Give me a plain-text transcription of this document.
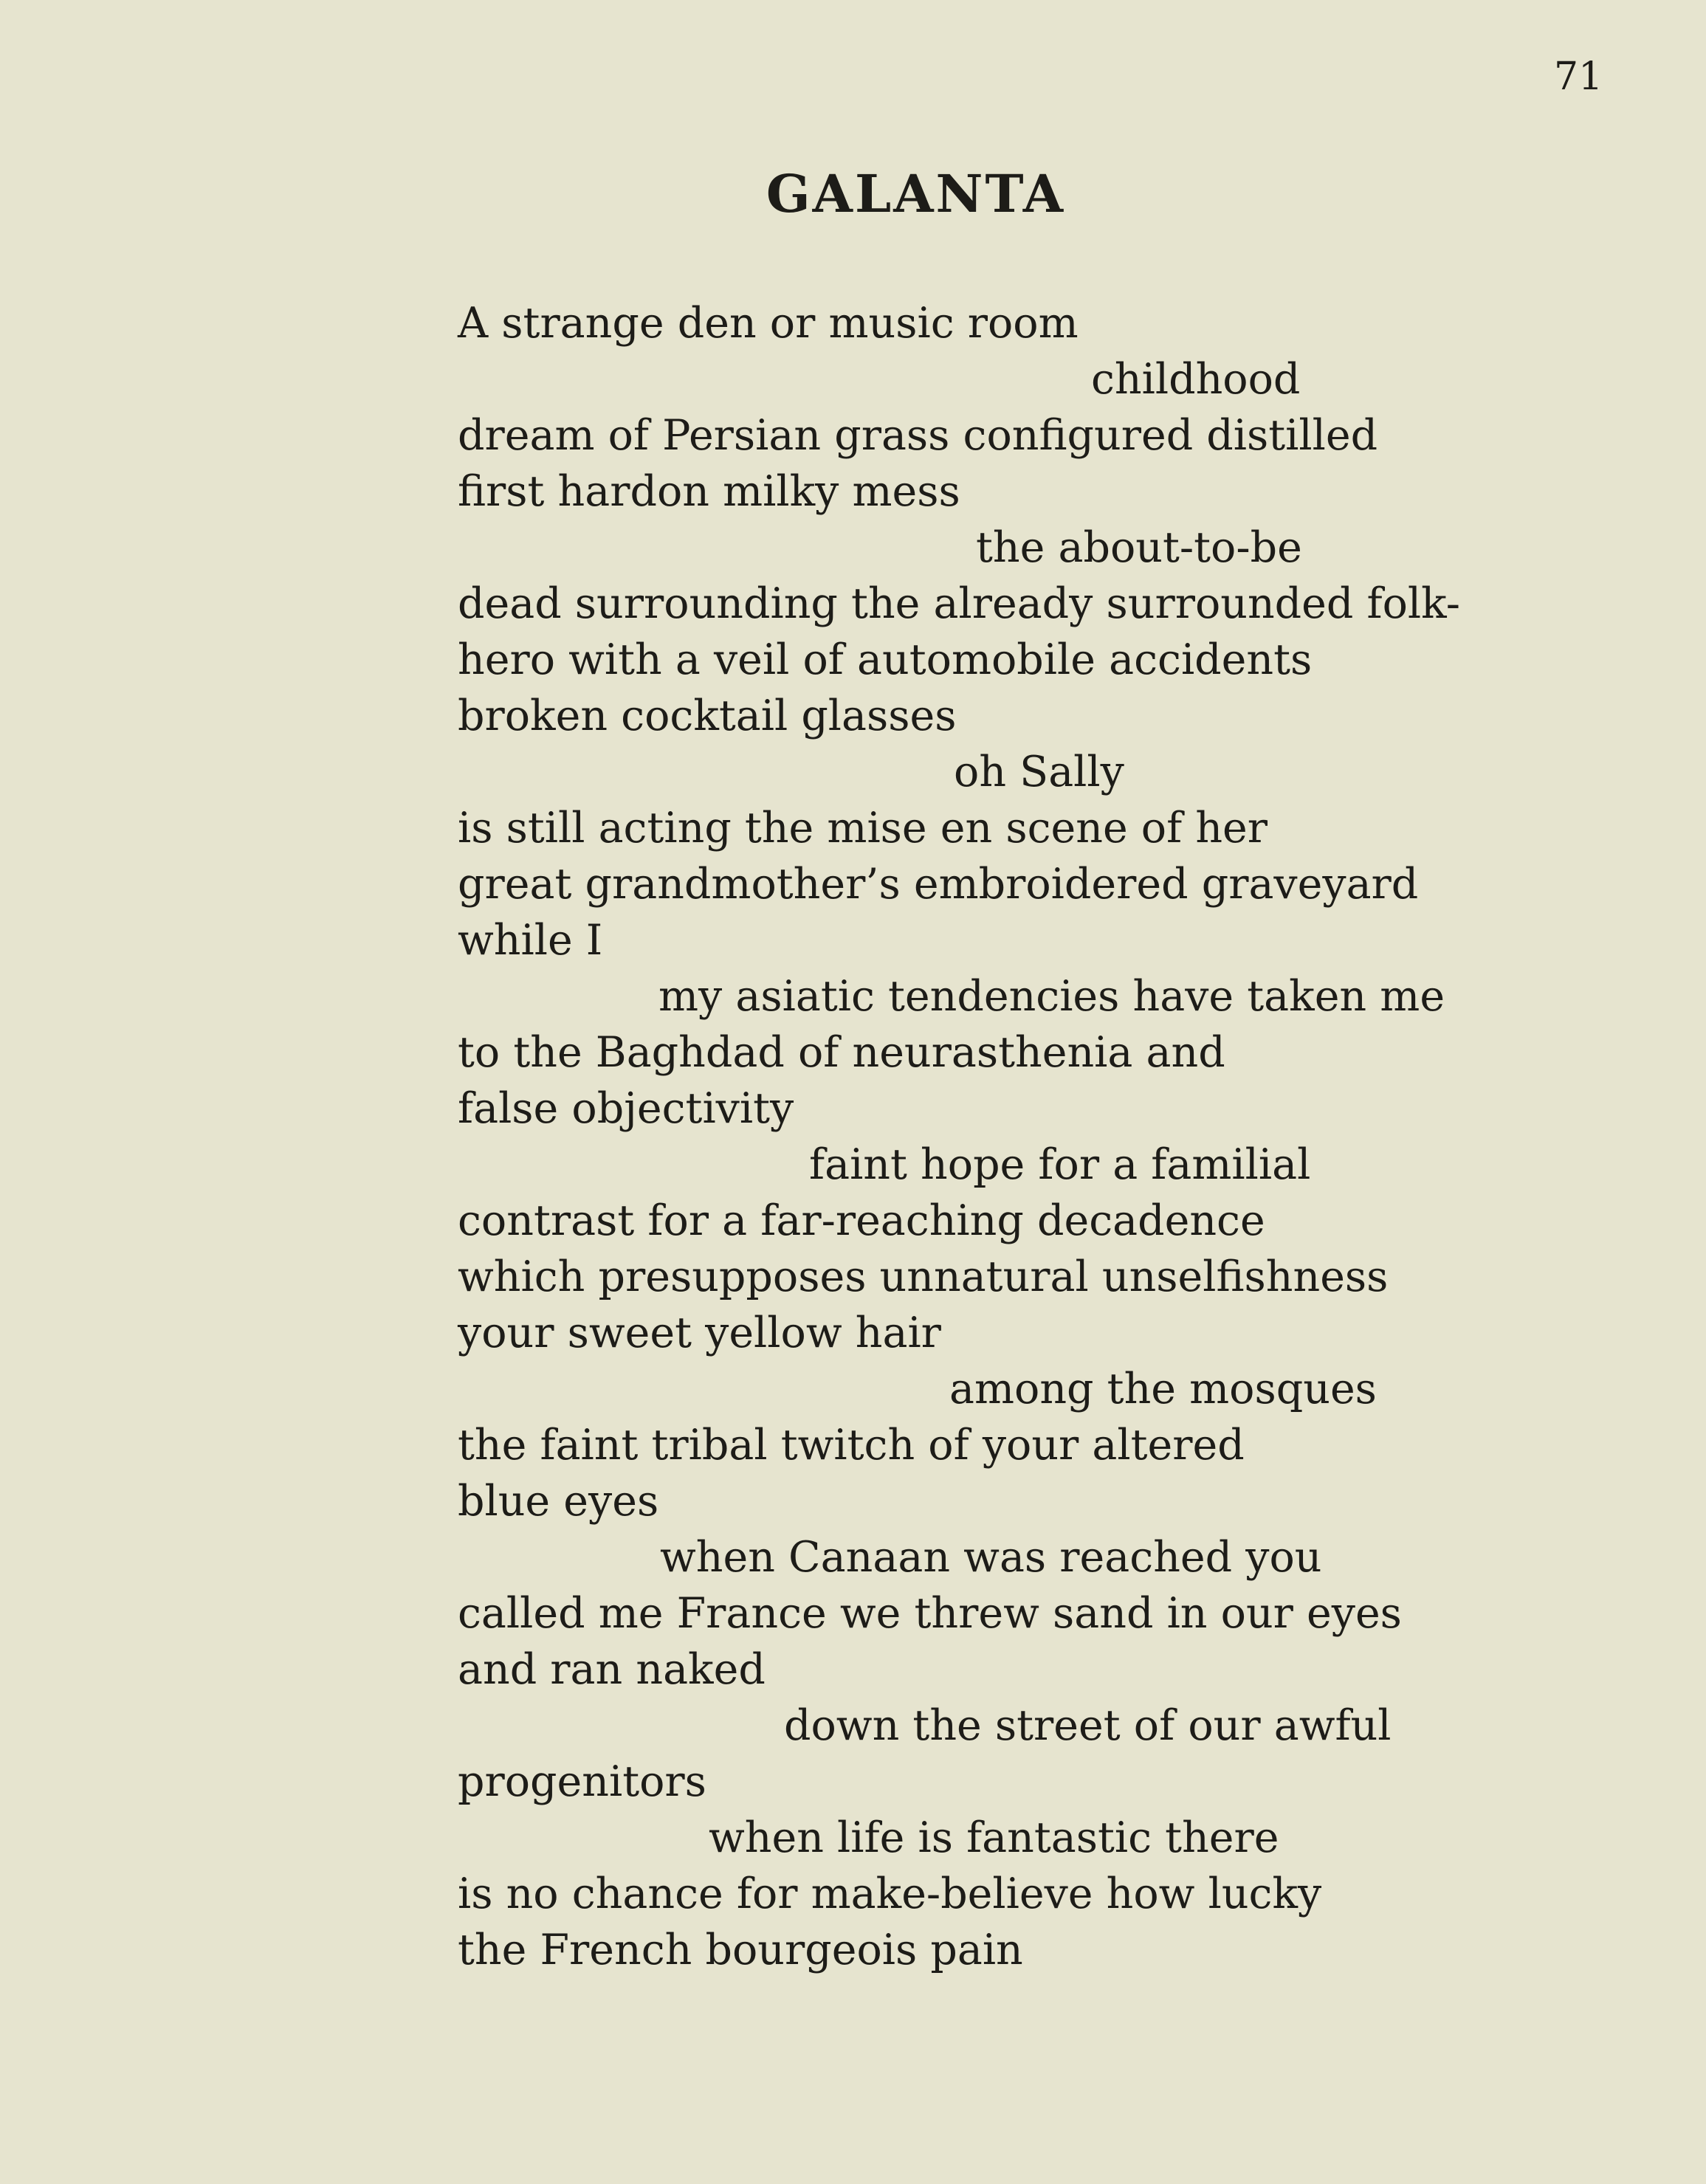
71
GALANTA
A strange den or music room
childhood
dream of Persian grass configured distilled
first hardon milky mess
the about-to-be
dead surrounding the already surrounded folk-
hero with a veil of automobile accidents
broken cocktail glasses
oh Sally
is still acting the mise en scene of her
great grandmother’s embroidered graveyard
while I
my asiatic tendencies have taken me
to the Baghdad of neurasthenia and
false objectivity
faint hope for a familial
contrast for a far-reaching decadence
which presupposes unnatural unselfishness
your sweet yellow hair
among the mosques
the faint tribal twitch of your altered
blue eyes
when Canaan was reached you
called me France we threw sand in our eyes
and ran naked
down the street of our awful
progenitors
when life is fantastic there
is no chance for make-believe how lucky
the French bourgeois pain
